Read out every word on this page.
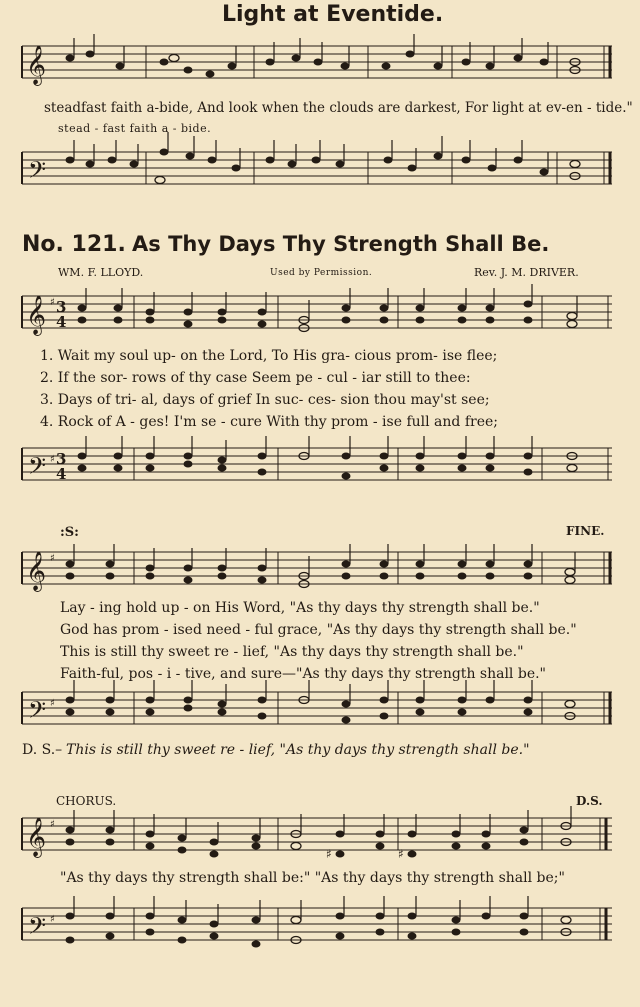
Light at Eventide.
𝄞
steadfast faith a-bide, And look when the clouds are darkest, For light at ev-en - tide."
stead - fast faith a - bide.
𝄢
No. 121. As Thy Days Thy Strength Shall Be.
WM. F. LLOYD.	Used by Permission.	Rev. J. M. DRIVER.
𝄞 ♯ 3
4
1. Wait my soul up- on the Lord, To His gra- cious prom- ise flee;
2. If the sor- rows of thy case Seem pe - cul - iar still to thee:
3. Days of tri- al, days of grief In suc- ces- sion thou may'st see;
4. Rock of A - ges! I'm se - cure With thy prom - ise full and free;
𝄢 ♯ 3
4
FINE.
𝄞 ♯
:S:
Lay - ing hold up - on His Word, "As thy days thy strength shall be."
God has prom - ised need - ful grace, "As thy days thy strength shall be."
This is still thy sweet re - lief, "As thy days thy strength shall be."
Faith-ful, pos - i - tive, and sure—"As thy days thy strength shall be."
𝄢 ♯
D. S.– This is still thy sweet re - lief, "As thy days thy strength shall be."
CHORUS.	D.S.
𝄞 ♯
♯	♯
"As thy days thy strength shall be:" "As thy days thy strength shall be;"
𝄢 ♯
